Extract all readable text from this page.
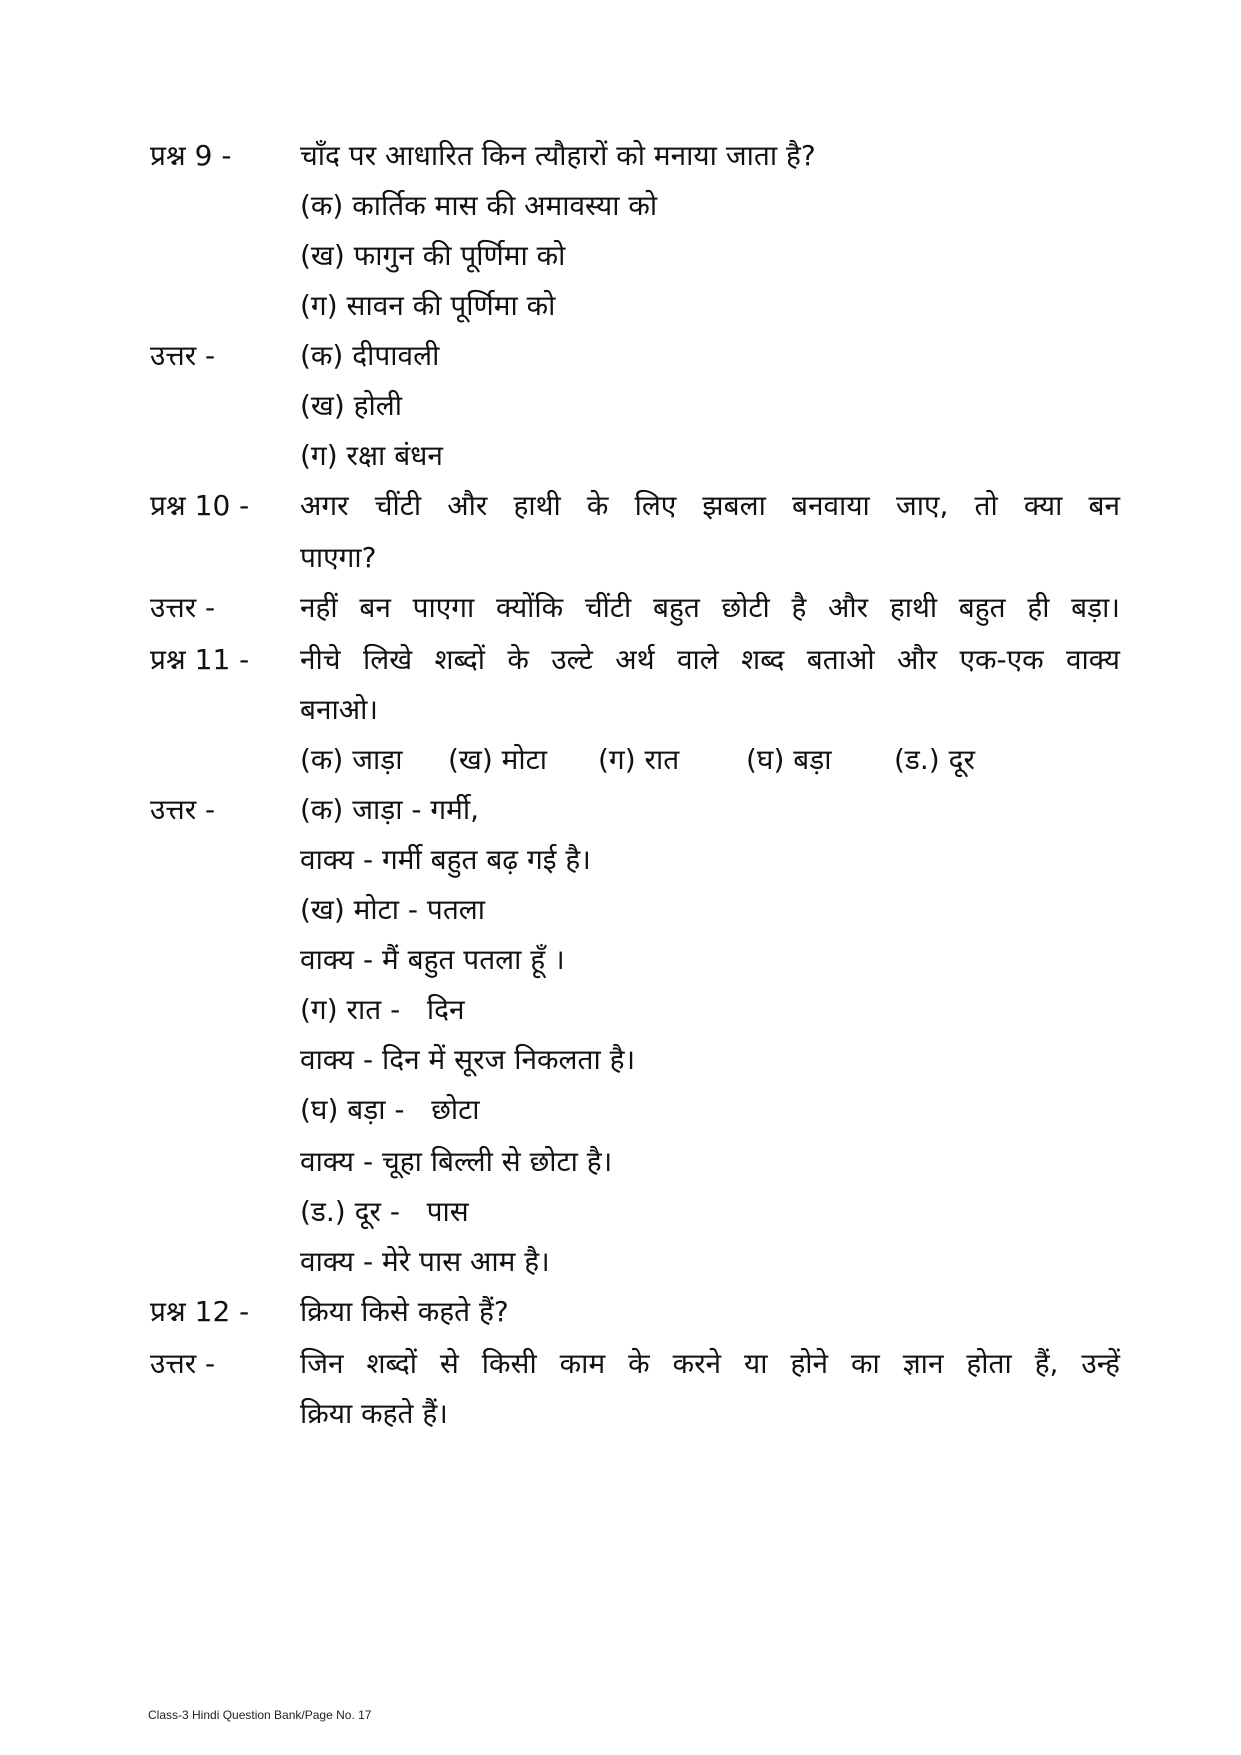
प्रश्न 9 - चाँद पर आधारित किन त्यौहारों को मनाया जाता है?
(क) कार्तिक मास की अमावस्या को
(ख) फागुन की पूर्णिमा को
(ग) सावन की पूर्णिमा को
उत्तर -	(क) दीपावली
(ख) होली
(ग) रक्षा बंधन
प्रश्न 10 - अगर चींटी और हाथी के लिए झबला बनवाया जाए, तो क्या बन
पाएगा?
उत्तर -	नहीं बन पाएगा क्योंकि चींटी बहुत छोटी है और हाथी बहुत ही बड़ा।
प्रश्न 11 - नीचे लिखे शब्दों के उल्टे अर्थ वाले शब्द बताओ और एक-एक वाक्य
बनाओ।
(क) जाड़ा (ख) मोटा (ग) रात (घ) बड़ा (ड.) दूर
उत्तर -	(क) जाड़ा - गर्मी,
वाक्य - गर्मी बहुत बढ़ गई है।
(ख) मोटा - पतला
वाक्य - मैं बहुत पतला हूँ ।
(ग) रात -   दिन
वाक्य - दिन में सूरज निकलता है।
(घ) बड़ा -   छोटा
वाक्य - चूहा बिल्ली से छोटा है।
(ड.) दूर -   पास
वाक्य - मेरे पास आम है।
प्रश्न 12 - क्रिया किसे कहते हैं?
उत्तर -	जिन शब्दों से किसी काम के करने या होने का ज्ञान होता हैं, उन्हें
क्रिया कहते हैं।
Class-3 Hindi Question Bank/Page No. 17
